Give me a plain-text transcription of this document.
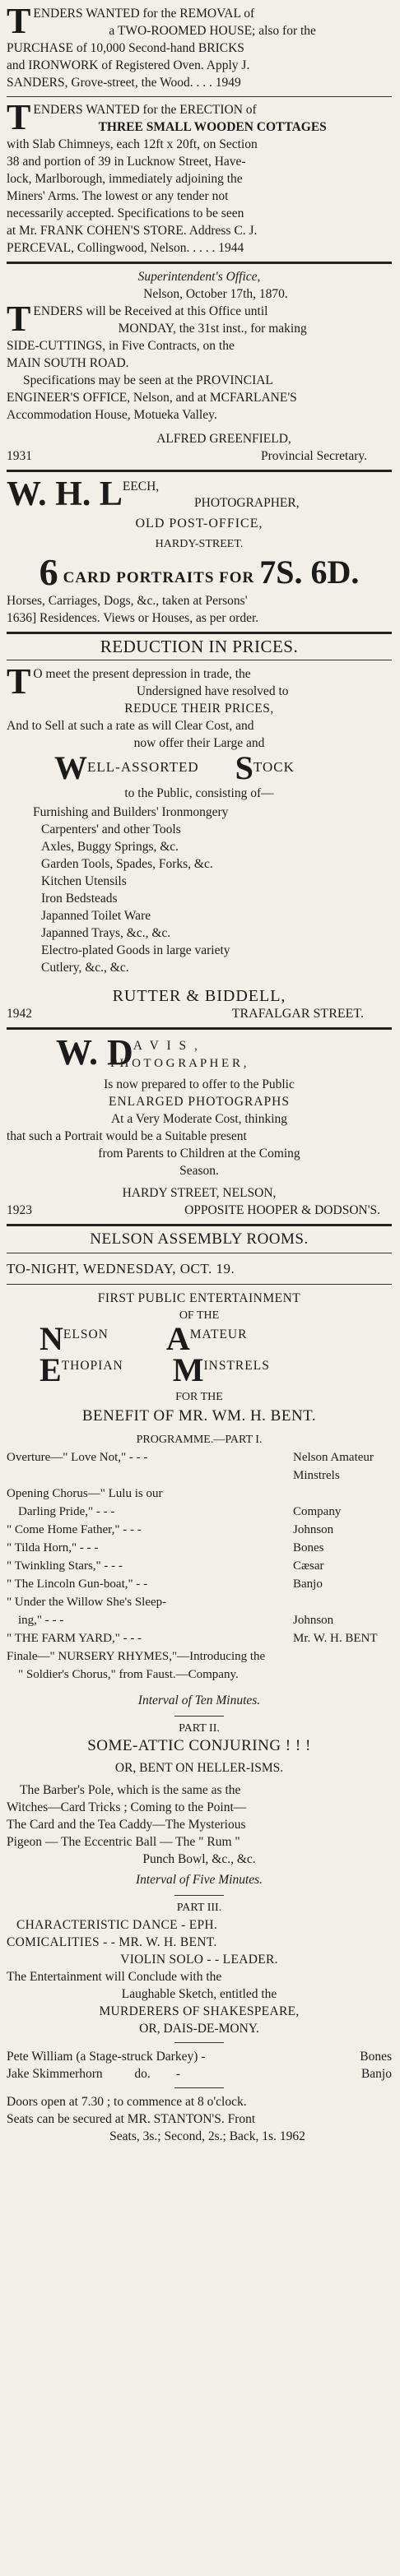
T ENDERS WANTED for the REMOVAL of

a TWO-ROOMED HOUSE; also for the

PURCHASE of 10,000 Second-hand BRICKS

and IRONWORK of Registered Oven. Apply J.

SANDERS, Grove-street, the Wood. . . . 1949

T ENDERS WANTED for the ERECTION of

THREE SMALL WOODEN COTTAGES

with Slab Chimneys, each 12ft x 20ft, on Section

38 and portion of 39 in Lucknow Street, Have-

lock, Marlborough, immediately adjoining the

Miners' Arms. The lowest or any tender not

necessarily accepted. Specifications to be seen

at Mr. FRANK COHEN'S STORE. Address C. J.

PERCEVAL, Collingwood, Nelson. . . . . 1944

Superintendent's Office,

Nelson, October 17th, 1870.

T ENDERS will be Received at this Office until

MONDAY, the 31st inst., for making

SIDE-CUTTINGS, in Five Contracts, on the

MAIN SOUTH ROAD.

Specifications may be seen at the PROVINCIAL

ENGINEER'S OFFICE, Nelson, and at MCFARLANE'S

Accommodation House, Motueka Valley.

ALFRED GREENFIELD,

1931	Provincial Secretary.
W. H. L EECH,

PHOTOGRAPHER,

OLD POST-OFFICE,

HARDY-STREET.

6 CARD PORTRAITS FOR 7S. 6D.

Horses, Carriages, Dogs, &c., taken at Persons'

1636] Residences. Views or Houses, as per order.

REDUCTION IN PRICES.

T O meet the present depression in trade, the

Undersigned have resolved to

REDUCE THEIR PRICES,

And to Sell at such a rate as will Clear Cost, and

now offer their Large and

W ELL-ASSORTED S TOCK

to the Public, consisting of—

Furnishing and Builders' Ironmongery

Carpenters' and other Tools

Axles, Buggy Springs, &c.

Garden Tools, Spades, Forks, &c.

Kitchen Utensils

Iron Bedsteads

Japanned Toilet Ware

Japanned Trays, &c., &c.

Electro-plated Goods in large variety

Cutlery, &c., &c.

RUTTER & BIDDELL,

1942	TRAFALGAR STREET.
W. D A V I S ,

P H O T O G R A P H E R ,

Is now prepared to offer to the Public

ENLARGED PHOTOGRAPHS

At a Very Moderate Cost, thinking

that such a Portrait would be a Suitable present

from Parents to Children at the Coming

Season.

HARDY STREET, NELSON,

1923	OPPOSITE HOOPER & DODSON'S.

NELSON ASSEMBLY ROOMS.

TO-NIGHT, WEDNESDAY, OCT. 19.

FIRST PUBLIC ENTERTAINMENT

OF THE

N ELSON A MATEUR
E THOPIAN M INSTRELS

FOR THE

BENEFIT OF MR. WM. H. BENT.

PROGRAMME.—PART I.

Overture—" Love Not," - - -	Nelson Amateur
Minstrels
Opening Chorus—" Lulu is our
Darling Pride," - - -	Company
" Come Home Father," - - -	Johnson
" Tilda Horn," - - -	Bones
" Twinkling Stars," - - -	Cæsar
" The Lincoln Gun-boat," - -	Banjo
" Under the Willow She's Sleep-
ing," - - -	Johnson
" THE FARM YARD," - - -	Mr. W. H. BENT

Finale—" NURSERY RHYMES,"—Introducing the

" Soldier's Chorus," from Faust.—Company.

Interval of Ten Minutes.

PART II.

SOME-ATTIC CONJURING ! ! !

OR, BENT ON HELLER-ISMS.

The Barber's Pole, which is the same as the

Witches—Card Tricks ; Coming to the Point—

The Card and the Tea Caddy—The Mysterious

Pigeon — The Eccentric Ball — The " Rum "

Punch Bowl, &c., &c.

Interval of Five Minutes.

PART III.

CHARACTERISTIC DANCE - EPH.

COMICALITIES - - MR. W. H. BENT.

VIOLIN SOLO - - LEADER.

The Entertainment will Conclude with the

Laughable Sketch, entitled the

MURDERERS OF SHAKESPEARE,

OR, DAIS-DE-MONY.

Pete William (a Stage-struck Darkey) -	Bones
Jake Skimmerhorn          do.        -	Banjo

Doors open at 7.30 ; to commence at 8 o'clock.

Seats can be secured at MR. STANTON'S. Front

Seats, 3s.; Second, 2s.; Back, 1s. 1962
